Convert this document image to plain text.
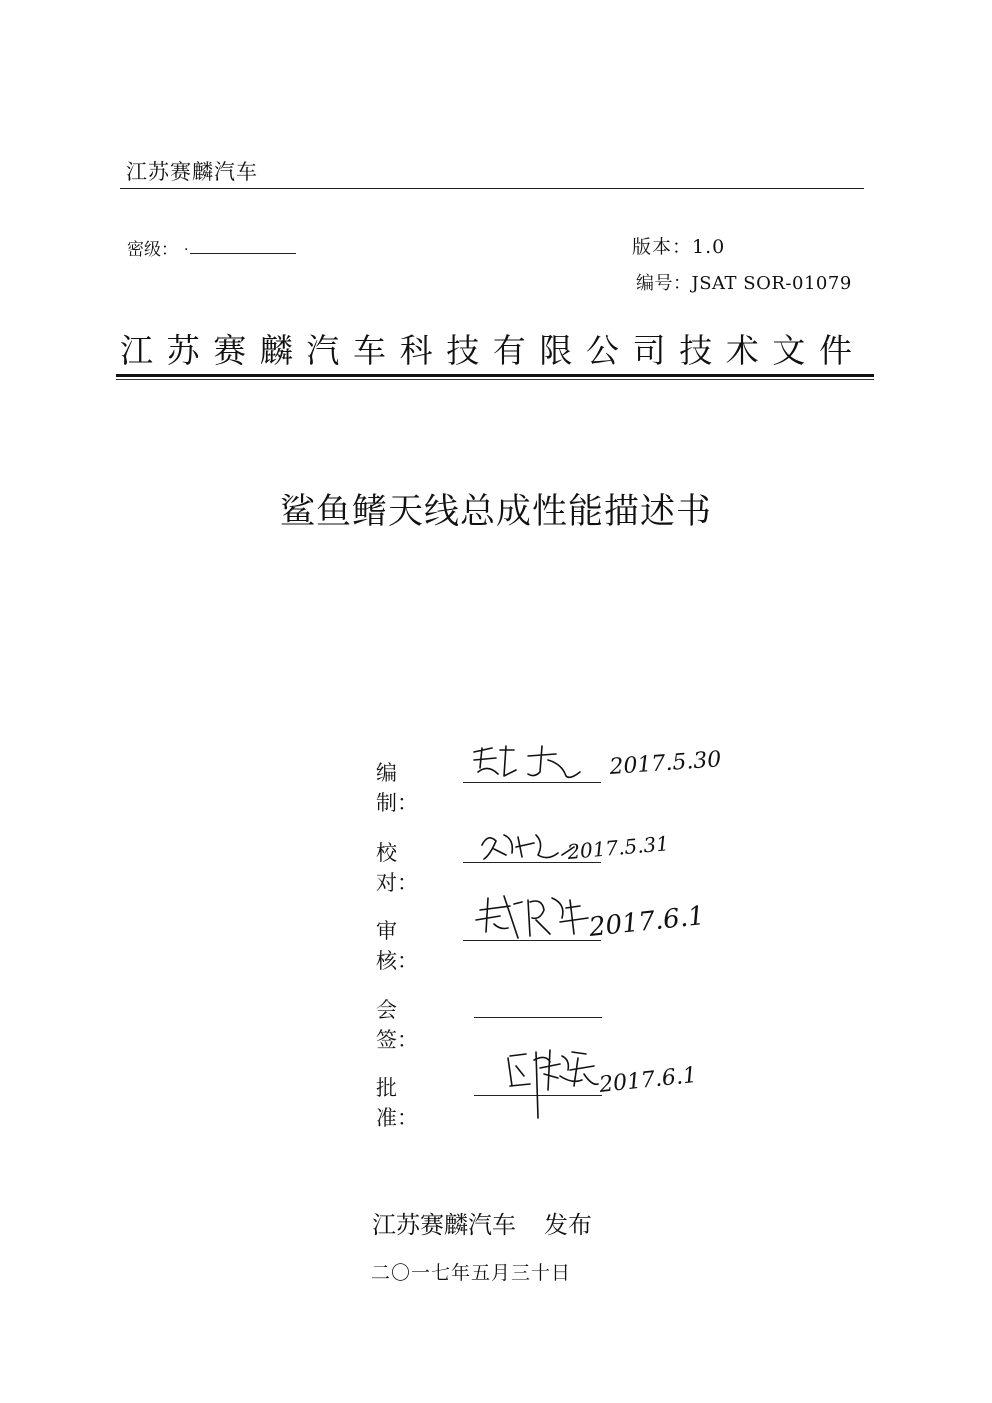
江苏赛麟汽车
密级： .	版本：1.0
编号：JSAT SOR-01079
江苏赛麟汽车科技有限公司技术文件
鲨鱼鳍天线总成性能描述书
编制：
2017.5.30
校对：
2017.5.31
审核：
2017.6.1
会签：
批准：
2017.6.1
江苏赛麟汽车 发布
二〇一七年五月三十日
